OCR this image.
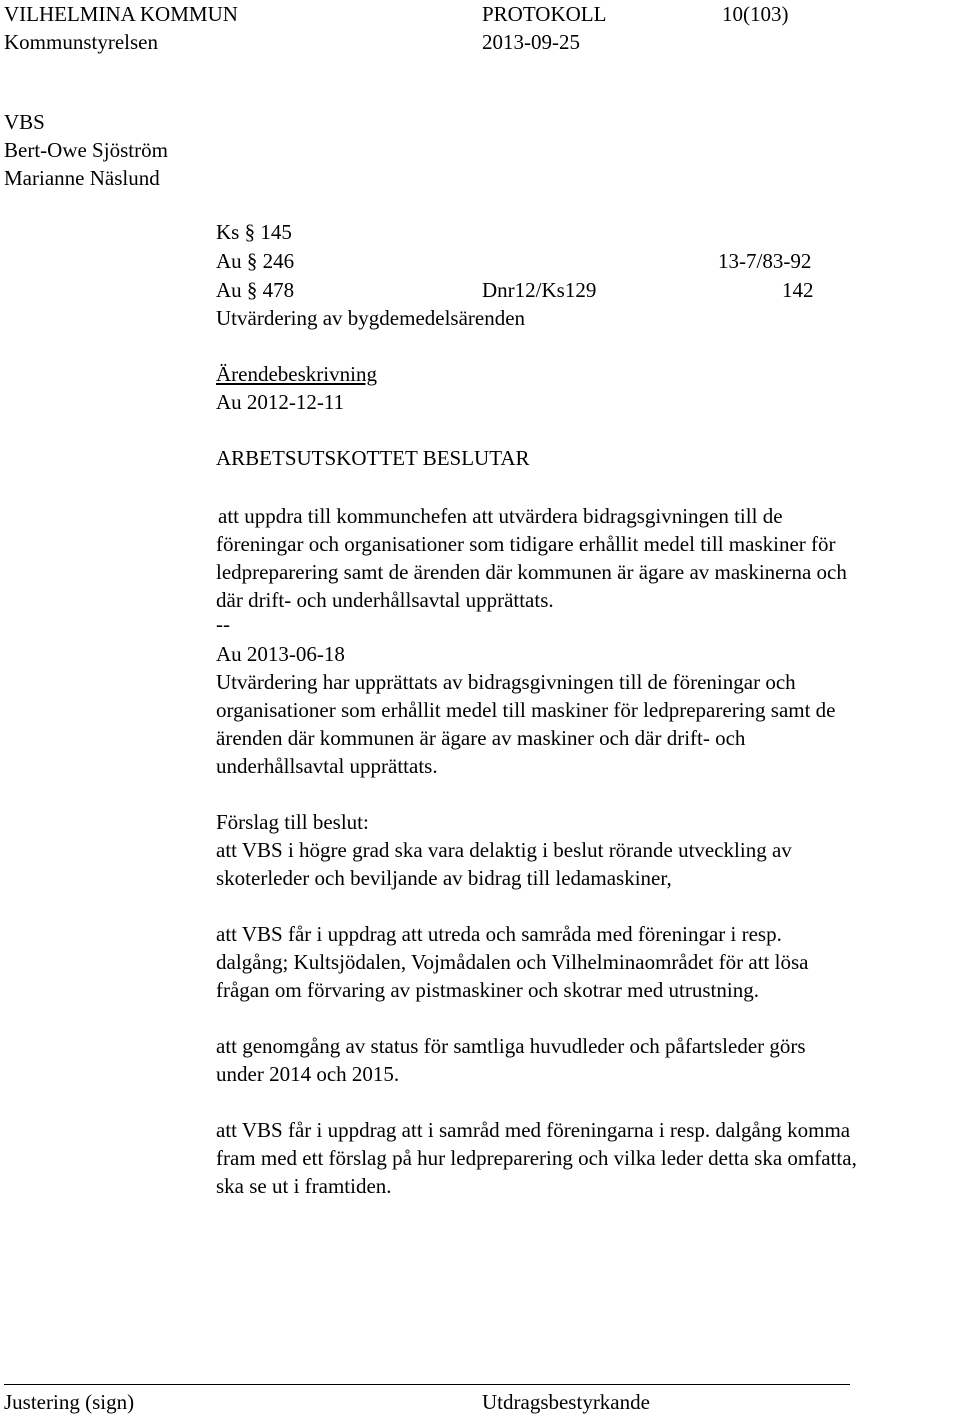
VILHELMINA KOMMUN	PROTOKOLL	10(103)
Kommunstyrelsen	2013-09-25
VBS
Bert-Owe Sjöström
Marianne Näslund
Ks § 145
Au § 246	13-7/83-92
Au § 478	Dnr12/Ks129	142
Utvärdering av bygdemedelsärenden
Ärendebeskrivning
Au 2012-12-11
ARBETSUTSKOTTET BESLUTAR
att uppdra till kommunchefen att utvärdera bidragsgivningen till de
föreningar och organisationer som tidigare erhållit medel till maskiner för
ledpreparering samt de ärenden där kommunen är ägare av maskinerna och
där drift- och underhållsavtal upprättats.
--
Au 2013-06-18
Utvärdering har upprättats av bidragsgivningen till de föreningar och
organisationer som erhållit medel till maskiner för ledpreparering samt de
ärenden där kommunen är ägare av maskiner och där drift- och
underhållsavtal upprättats.
Förslag till beslut:
att VBS i högre grad ska vara delaktig i beslut rörande utveckling av
skoterleder och beviljande av bidrag till ledamaskiner,
att VBS får i uppdrag att utreda och samråda med föreningar i resp.
dalgång; Kultsjödalen, Vojmådalen och Vilhelminaområdet för att lösa
frågan om förvaring av pistmaskiner och skotrar med utrustning.
att genomgång av status för samtliga huvudleder och påfartsleder görs
under 2014 och 2015.
att VBS får i uppdrag att i samråd med föreningarna i resp. dalgång komma
fram med ett förslag på hur ledpreparering och vilka leder detta ska omfatta,
ska se ut i framtiden.
Justering (sign)	Utdragsbestyrkande
